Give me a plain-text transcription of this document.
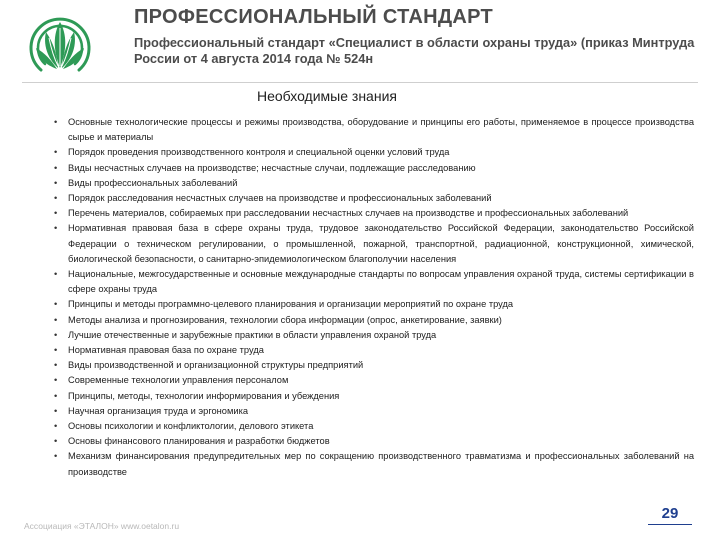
ПРОФЕССИОНАЛЬНЫЙ СТАНДАРТ
Профессиональный стандарт «Специалист в области охраны труда» (приказ Минтруда России от 4 августа 2014 года № 524н
Необходимые знания
• Основные технологические процессы и режимы производства, оборудование и принципы его работы, применяемое в процессе производства сырье и материалы
• Порядок проведения производственного контроля и специальной оценки условий труда
• Виды несчастных случаев на производстве; несчастные случаи, подлежащие расследованию
• Виды профессиональных заболеваний
• Порядок расследования несчастных случаев на производстве и профессиональных заболеваний
• Перечень материалов, собираемых при расследовании несчастных случаев на производстве и профессиональных заболеваний
• Нормативная правовая база в сфере охраны труда, трудовое законодательство Российской Федерации, законодательство Российской Федерации о техническом регулировании, о промышленной, пожарной, транспортной, радиационной, конструкционной, химической, биологической безопасности, о санитарно-эпидемиологическом благополучии населения
• Национальные, межгосударственные и основные международные стандарты по вопросам управления охраной труда, системы сертификации в сфере охраны труда
• Принципы и методы программно-целевого планирования и организации мероприятий по охране труда
• Методы анализа и прогнозирования, технологии сбора информации (опрос, анкетирование, заявки)
• Лучшие отечественные и зарубежные практики в области управления охраной труда
• Нормативная правовая база по охране труда
• Виды производственной и организационной структуры предприятий
• Современные технологии управления персоналом
• Принципы, методы, технологии информирования и убеждения
• Научная организация труда и эргономика
• Основы психологии и конфликтологии, делового этикета
• Основы финансового планирования и разработки бюджетов
• Механизм финансирования предупредительных мер по сокращению производственного травматизма и профессиональных заболеваний на производстве
Ассоциация «ЭТАЛОН» www.oetalon.ru
29
